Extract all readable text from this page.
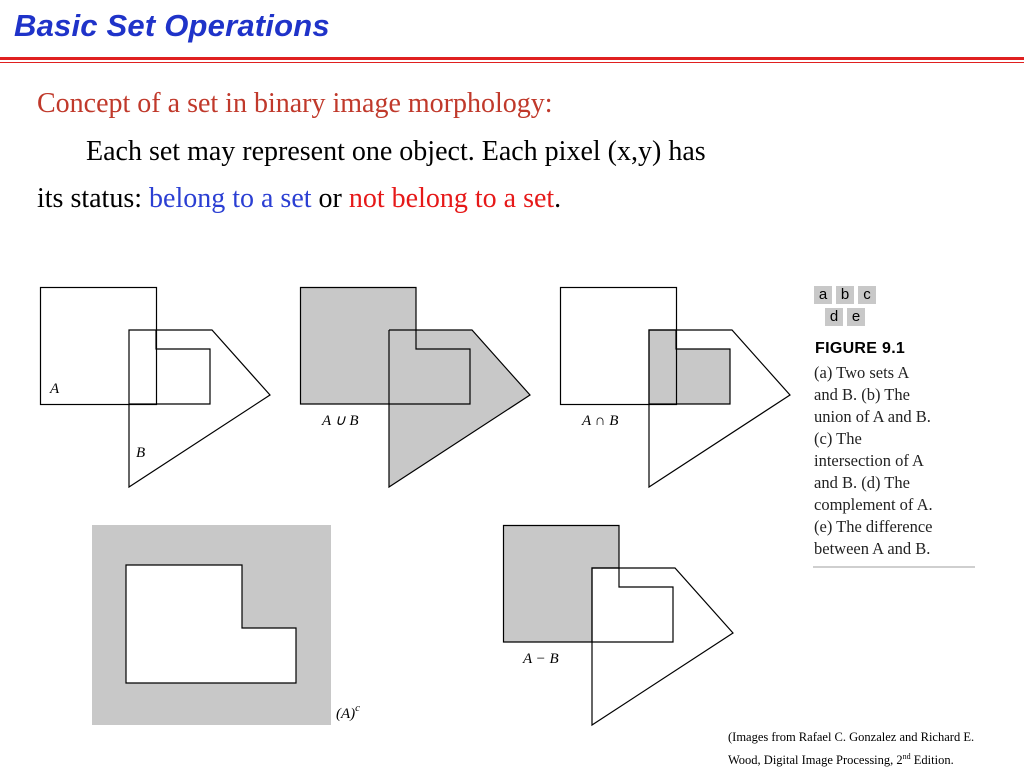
Basic Set Operations
Concept of a set in binary image morphology:
Each set may represent one object. Each pixel (x,y) has
its status: belong to a set or not belong to a set.
A
B
A ∪ B	A ∩ B
$(A)^c$
A − B
a b c
d e
FIGURE 9.1
(a) Two sets A
and B. (b) The
union of A and B.
(c) The
intersection of A
and B. (d) The
complement of A.
(e) The difference
between A and B.
(Images from Rafael C. Gonzalez and Richard E.
Wood, Digital Image Processing, 2nd Edition.
